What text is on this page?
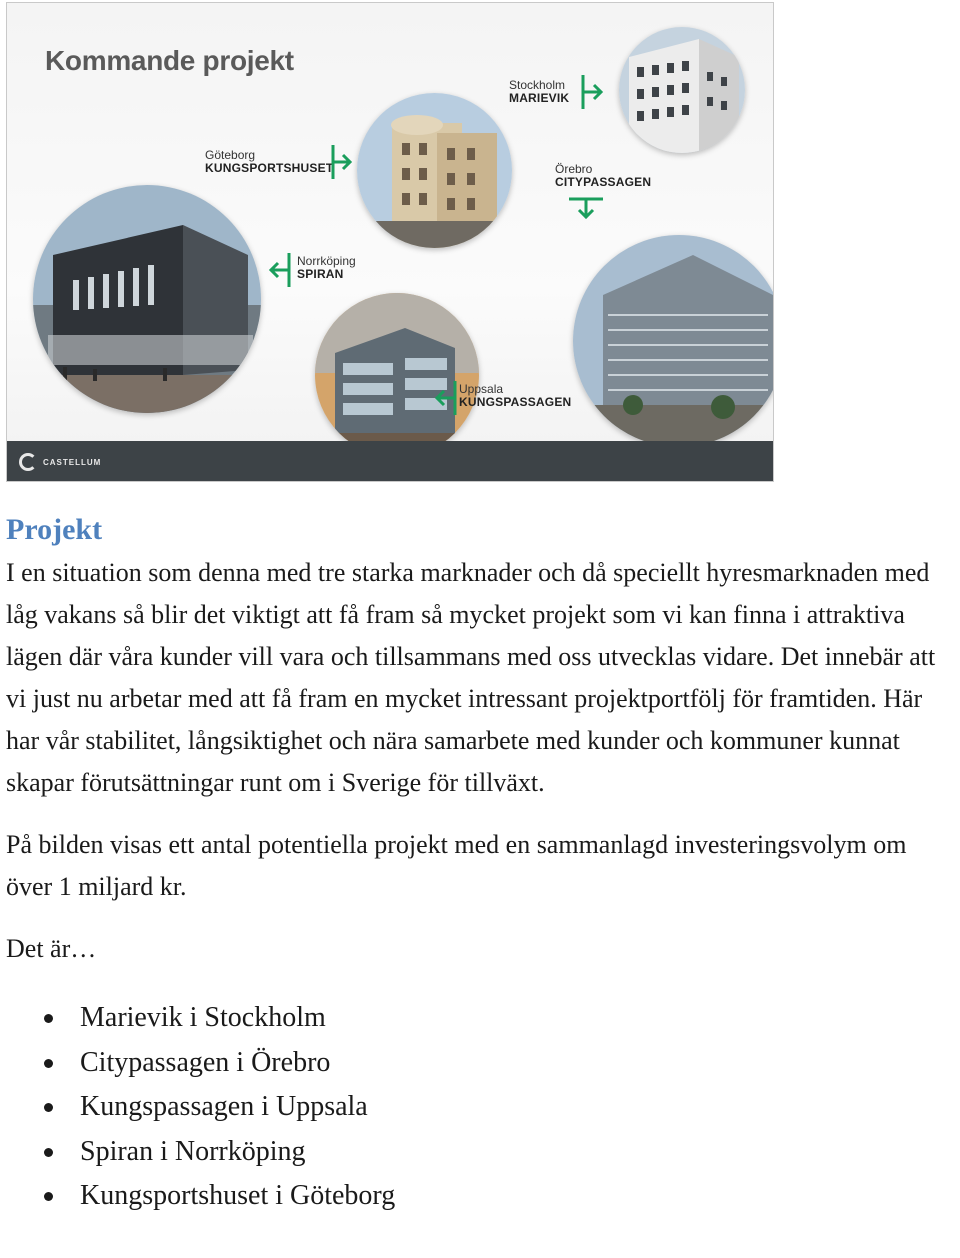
Kommande projekt
Göteborg
KUNGSPORTSHUSET
Stockholm
MARIEVIK
Örebro
CITYPASSAGEN
Norrköping
SPIRAN
Uppsala
KUNGSPASSAGEN
CASTELLUM
Projekt

I en situation som denna med tre starka marknader och då speciellt hyresmarknaden med låg vakans så blir det viktigt att få fram så mycket projekt som vi kan finna i attraktiva lägen där våra kunder vill vara och tillsammans med oss utvecklas vidare. Det innebär att vi just nu arbetar med att få fram en mycket intressant projektportfölj för framtiden. Här har vår stabilitet, långsiktighet och nära samarbete med kunder och kommuner kunnat skapar förutsättningar runt om i Sverige för tillväxt.

På bilden visas ett antal potentiella projekt med en sammanlagd investeringsvolym om över 1 miljard kr.

Det är…

Marievik i Stockholm
Citypassagen i Örebro
Kungspassagen i Uppsala
Spiran i Norrköping
Kungsportshuset i Göteborg
